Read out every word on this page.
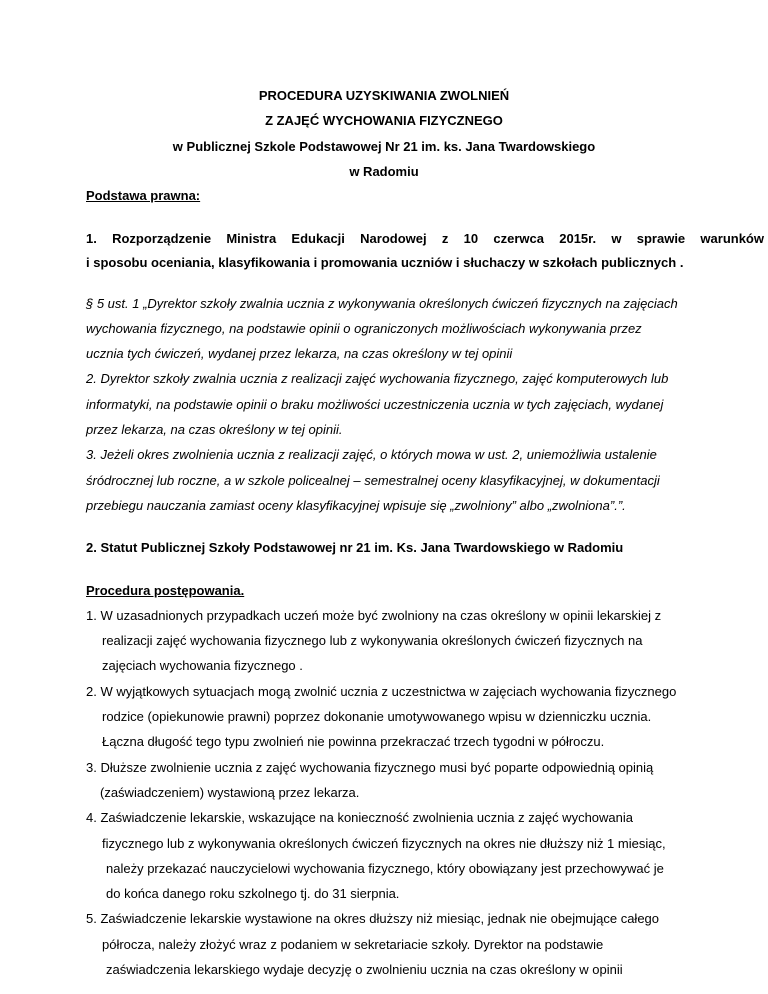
PROCEDURA UZYSKIWANIA ZWOLNIEŃ
Z ZAJĘĆ WYCHOWANIA FIZYCZNEGO
w Publicznej Szkole Podstawowej Nr 21 im. ks. Jana Twardowskiego
w Radomiu
Podstawa prawna:
1. Rozporządzenie Ministra Edukacji Narodowej z 10 czerwca 2015r. w sprawie warunków
i sposobu oceniania, klasyfikowania i promowania uczniów i słuchaczy w szkołach publicznych .
§ 5 ust. 1 „Dyrektor szkoły zwalnia ucznia z wykonywania określonych ćwiczeń fizycznych na zajęciach
wychowania fizycznego, na podstawie opinii o ograniczonych możliwościach wykonywania przez
ucznia tych ćwiczeń, wydanej przez lekarza, na czas określony w tej opinii
2. Dyrektor szkoły zwalnia ucznia z realizacji zajęć wychowania fizycznego, zajęć komputerowych lub
informatyki, na podstawie opinii o braku możliwości uczestniczenia ucznia w tych zajęciach, wydanej
przez lekarza, na czas określony w tej opinii.
3. Jeżeli okres zwolnienia ucznia z realizacji zajęć, o których mowa w ust. 2, uniemożliwia ustalenie
śródrocznej lub roczne, a w szkole policealnej – semestralnej oceny klasyfikacyjnej, w dokumentacji
przebiegu nauczania zamiast oceny klasyfikacyjnej wpisuje się „zwolniony” albo „zwolniona”.”.
2. Statut Publicznej Szkoły Podstawowej nr 21 im. Ks. Jana Twardowskiego w Radomiu
Procedura postępowania.
1. W uzasadnionych przypadkach uczeń może być zwolniony na czas określony w opinii lekarskiej z
realizacji zajęć wychowania fizycznego lub z wykonywania określonych ćwiczeń fizycznych na
zajęciach wychowania fizycznego .
2. W wyjątkowych sytuacjach mogą zwolnić ucznia z uczestnictwa w zajęciach wychowania fizycznego
rodzice (opiekunowie prawni) poprzez dokonanie umotywowanego wpisu w dzienniczku ucznia.
Łączna długość tego typu zwolnień nie powinna przekraczać trzech tygodni w półroczu.
3. Dłuższe zwolnienie ucznia z zajęć wychowania fizycznego musi być poparte odpowiednią opinią
(zaświadczeniem) wystawioną przez lekarza.
4. Zaświadczenie lekarskie, wskazujące na konieczność zwolnienia ucznia z zajęć wychowania
fizycznego lub z wykonywania określonych ćwiczeń fizycznych na okres nie dłuższy niż 1 miesiąc,
należy przekazać nauczycielowi wychowania fizycznego, który obowiązany jest przechowywać je
do końca danego roku szkolnego tj. do 31 sierpnia.
5. Zaświadczenie lekarskie wystawione na okres dłuższy niż miesiąc, jednak nie obejmujące całego
półrocza, należy złożyć wraz z podaniem w sekretariacie szkoły. Dyrektor na podstawie
zaświadczenia lekarskiego wydaje decyzję o zwolnieniu ucznia na czas określony w opinii
